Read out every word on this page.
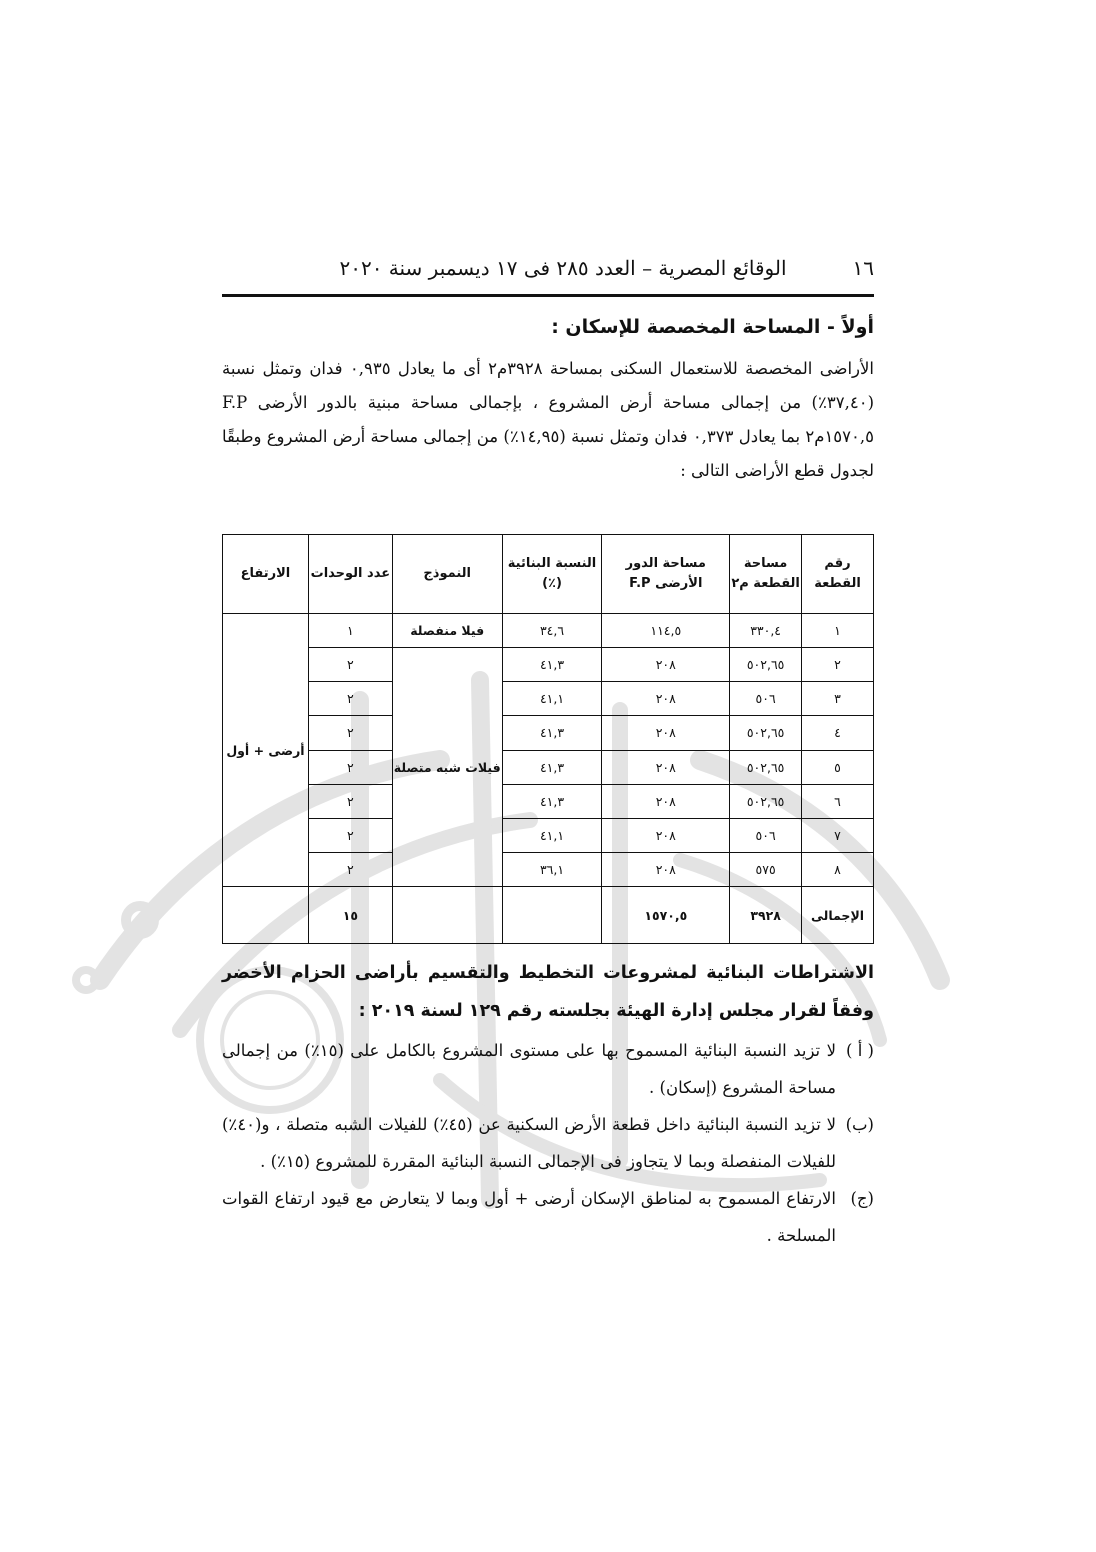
١٦
الوقائع المصرية – العدد ٢٨٥ فى ١٧ ديسمبر سنة ٢٠٢٠
أولاً - المساحة المخصصة للإسكان :
الأراضى المخصصة للاستعمال السكنى بمساحة ٣٩٢٨م٢ أى ما يعادل ٠,٩٣٥ فدان وتمثل نسبة (٣٧,٤٠٪) من إجمالى مساحة أرض المشروع ، بإجمالى مساحة مبنية بالدور الأرضى F.P ١٥٧٠,٥م٢ بما يعادل ٠,٣٧٣ فدان وتمثل نسبة (١٤,٩٥٪) من إجمالى مساحة أرض المشروع وطبقًا لجدول قطع الأراضى التالى :
رقم القطعة	مساحة القطعة م٢	مساحة الدور الأرضى F.P	النسبة البنائية (٪)	النموذج	عدد الوحدات	الارتفاع
١	٣٣٠,٤	١١٤,٥	٣٤,٦	فيلا منفصلة	١	أرضى + أول
٢	٥٠٢,٦٥	٢٠٨	٤١,٣	فيلات شبه متصلة	٢	
٣	٥٠٦	٢٠٨	٤١,١		٢	
٤	٥٠٢,٦٥	٢٠٨	٤١,٣		٢	
٥	٥٠٢,٦٥	٢٠٨	٤١,٣		٢	
٦	٥٠٢,٦٥	٢٠٨	٤١,٣		٢	
٧	٥٠٦	٢٠٨	٤١,١		٢	
٨	٥٧٥	٢٠٨	٣٦,١		٢	
الإجمالى	٣٩٢٨	١٥٧٠,٥			١٥	
الاشتراطات البنائية لمشروعات التخطيط والتقسيم بأراضى الحزام الأخضر وفقاً لقرار مجلس إدارة الهيئة بجلسته رقم ١٢٩ لسنة ٢٠١٩ :
( أ )
لا تزيد النسبة البنائية المسموح بها على مستوى المشروع بالكامل على (١٥٪) من إجمالى مساحة المشروع (إسكان) .
(ب)
لا تزيد النسبة البنائية داخل قطعة الأرض السكنية عن (٤٥٪) للفيلات الشبه متصلة ، و(٤٠٪) للفيلات المنفصلة وبما لا يتجاوز فى الإجمالى النسبة البنائية المقررة للمشروع (١٥٪) .
(ج)
الارتفاع المسموح به لمناطق الإسكان أرضى + أول وبما لا يتعارض مع قيود ارتفاع القوات المسلحة .
